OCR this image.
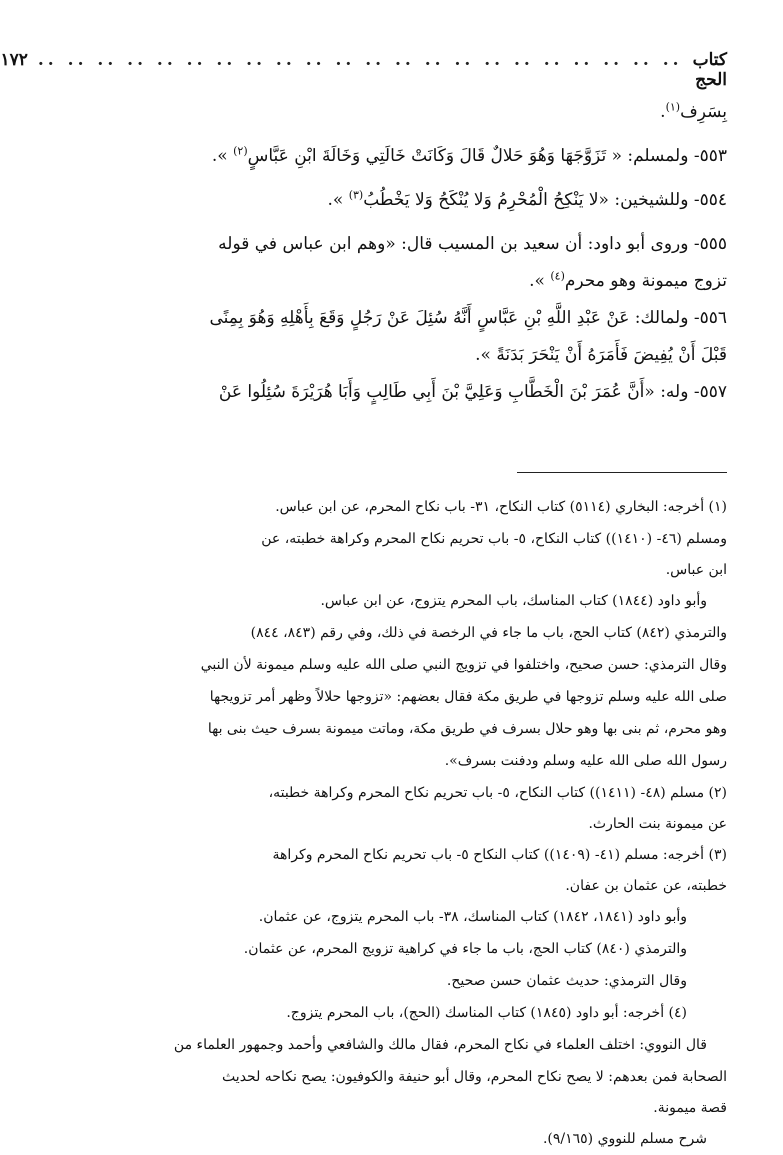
كتاب الحج
.. .. .. .. .. .. .. .. .. .. .. .. .. .. .. .. .. .. .. .. .. ..
١٧٢

بِسَرِف$^{(١)}$.

٥٥٣- ولمسلم: « تَزَوَّجَهَا وَهُوَ حَلالٌ قَالَ وَكَانَتْ خَالَتِي وَخَالَةَ ابْنِ عَبَّاسٍ$^{(٢)}$ ».

٥٥٤- وللشيخين: «لا يَنْكِحُ الْمُحْرِمُ وَلا يُنْكَحُ وَلا يَخْطُبُ$^{(٣)}$ ».

٥٥٥- وروى أبو داود: أن سعيد بن المسيب قال: «وهم ابن عباس في قوله

تزوج ميمونة وهو محرم$^{(٤)}$ ».

٥٥٦- ولمالك: عَنْ عَبْدِ اللَّهِ بْنِ عَبَّاسٍ أَنَّهُ سُئِلَ عَنْ رَجُلٍ وَقَعَ بِأَهْلِهِ وَهُوَ بِمِنًى

قَبْلَ أَنْ يُفِيضَ فَأَمَرَهُ أَنْ يَنْحَرَ بَدَنَةً ».

٥٥٧- وله: «أَنَّ عُمَرَ بْنَ الْخَطَّابِ وَعَلِيَّ بْنَ أَبِي طَالِبٍ وَأَبَا هُرَيْرَةَ سُئِلُوا عَنْ

(١) أخرجه: البخاري (٥١١٤) كتاب النكاح، ٣١- باب نكاح المحرم، عن ابن عباس.

ومسلم (٤٦- (١٤١٠)) كتاب النكاح، ٥- باب تحريم نكاح المحرم وكراهة خطبته، عن

ابن عباس.

وأبو داود (١٨٤٤) كتاب المناسك، باب المحرم يتزوج، عن ابن عباس.

والترمذي (٨٤٢) كتاب الحج، باب ما جاء في الرخصة في ذلك، وفي رقم (٨٤٣، ٨٤٤)

وقال الترمذي: حسن صحيح، واختلفوا في تزويج النبي صلى الله عليه وسلم ميمونة لأن النبي

صلى الله عليه وسلم تزوجها في طريق مكة فقال بعضهم: «تزوجها حلالاً وظهر أمر تزويجها

وهو محرم، ثم بنى بها وهو حلال بسرف في طريق مكة، وماتت ميمونة بسرف حيث بنى بها

رسول الله صلى الله عليه وسلم ودفنت بسرف».

(٢) مسلم (٤٨- (١٤١١)) كتاب النكاح، ٥- باب تحريم نكاح المحرم وكراهة خطبته،

عن ميمونة بنت الحارث.

(٣) أخرجه: مسلم (٤١- (١٤٠٩)) كتاب النكاح ٥- باب تحريم نكاح المحرم وكراهة

خطبته، عن عثمان بن عفان.

وأبو داود (١٨٤١، ١٨٤٢) كتاب المناسك، ٣٨- باب المحرم يتزوج، عن عثمان.

والترمذي (٨٤٠) كتاب الحج، باب ما جاء في كراهية تزويج المحرم، عن عثمان.

وقال الترمذي: حديث عثمان حسن صحيح.

(٤) أخرجه: أبو داود (١٨٤٥) كتاب المناسك (الحج)، باب المحرم يتزوج.

قال النووي: اختلف العلماء في نكاح المحرم، فقال مالك والشافعي وأحمد وجمهور العلماء من

الصحابة فمن بعدهم: لا يصح نكاح المحرم، وقال أبو حنيفة والكوفيون: يصح نكاحه لحديث

قصة ميمونة.

شرح مسلم للنووي (٩/١٦٥).
